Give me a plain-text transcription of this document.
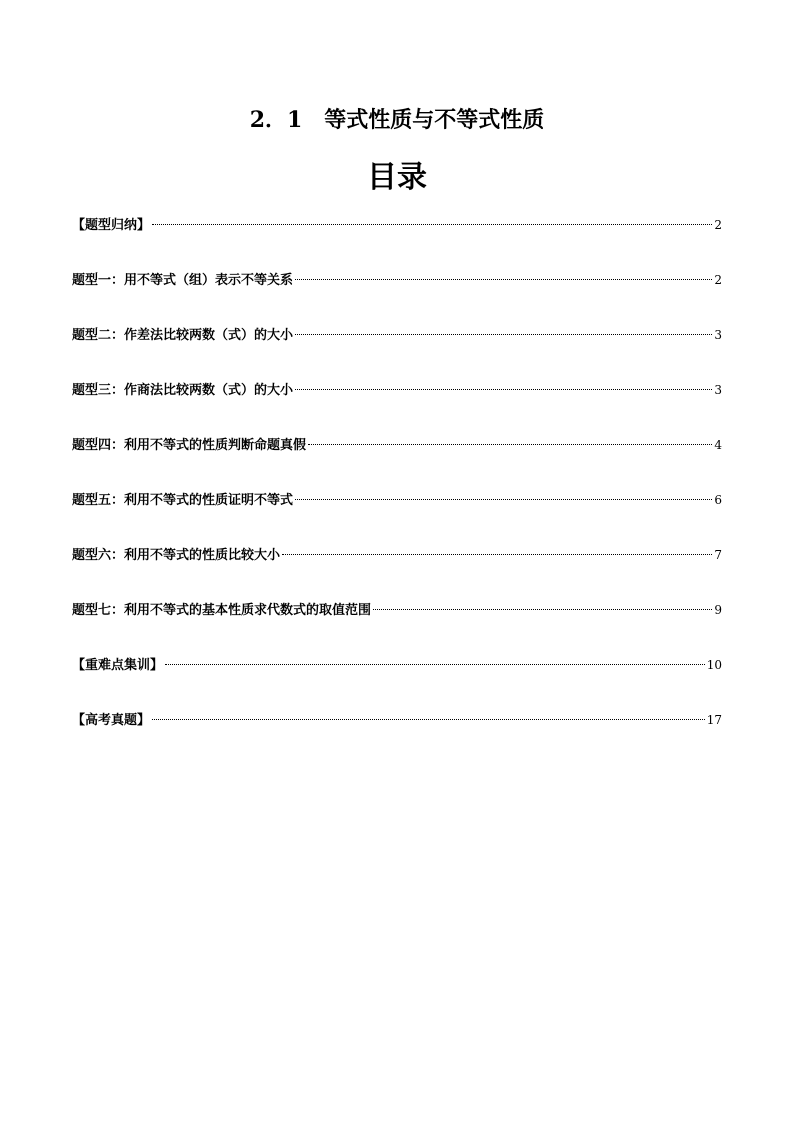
2．1　等式性质与不等式性质
目录
【题型归纳】	2
题型一：用不等式（组）表示不等关系	2
题型二：作差法比较两数（式）的大小	3
题型三：作商法比较两数（式）的大小	3
题型四：利用不等式的性质判断命题真假	4
题型五：利用不等式的性质证明不等式	6
题型六：利用不等式的性质比较大小	7
题型七：利用不等式的基本性质求代数式的取值范围	9
【重难点集训】	10
【高考真题】	17
